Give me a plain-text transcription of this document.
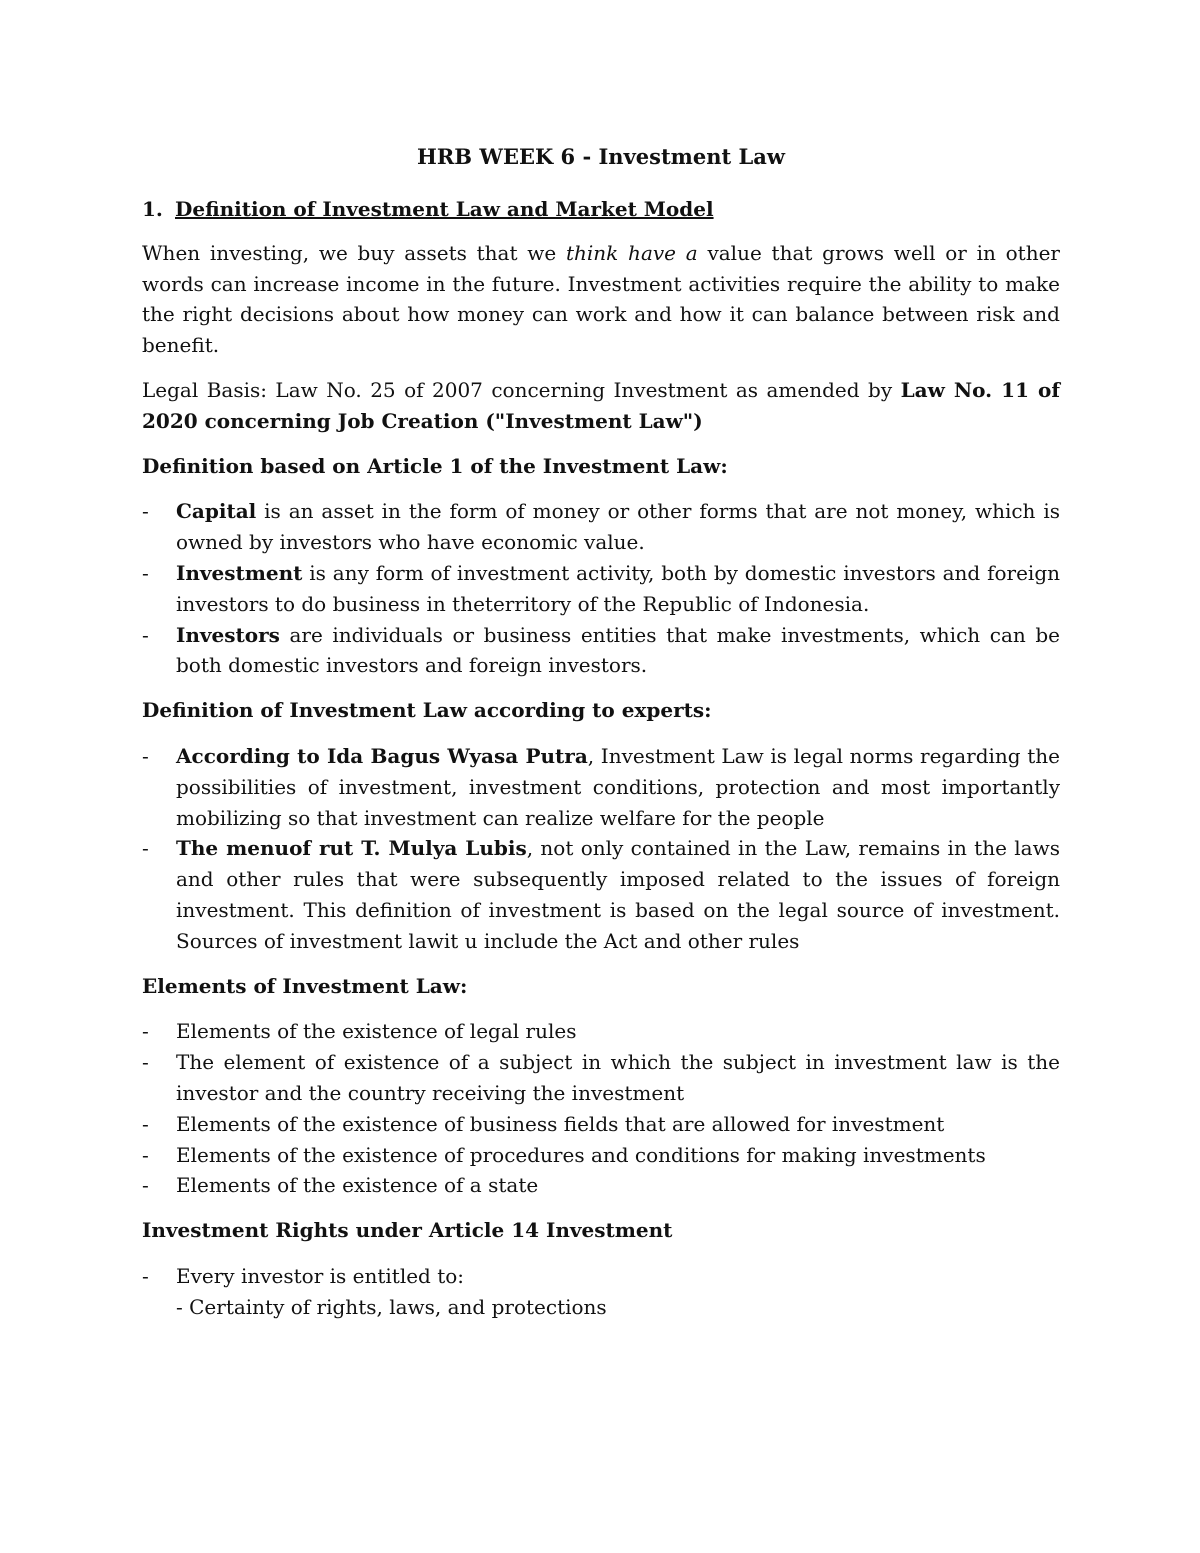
HRB WEEK 6 - Investment Law
1. Definition of Investment Law and Market Model

When investing, we buy assets that we think have a value that grows well or in other words can increase income in the future. Investment activities require the ability to make the right decisions about how money can work and how it can balance between risk and benefit.

Legal Basis: Law No. 25 of 2007 concerning Investment as amended by Law No. 11 of 2020 concerning Job Creation ("Investment Law")

Definition based on Article 1 of the Investment Law:
- Capital is an asset in the form of money or other forms that are not money, which is owned by investors who have economic value.
- Investment is any form of investment activity, both by domestic investors and foreign investors to do business in theterritory of the Republic of Indonesia.
- Investors are individuals or business entities that make investments, which can be both domestic investors and foreign investors.
Definition of Investment Law according to experts:
- According to Ida Bagus Wyasa Putra, Investment Law is legal norms regarding the possibilities of investment, investment conditions, protection and most importantly mobilizing so that investment can realize welfare for the people
- The menuof rut T. Mulya Lubis, not only contained in the Law, remains in the laws and other rules that were subsequently imposed related to the issues of foreign investment. This definition of investment is based on the legal source of investment. Sources of investment lawit u include the Act and other rules
Elements of Investment Law:
- Elements of the existence of legal rules
- The element of existence of a subject in which the subject in investment law is the investor and the country receiving the investment
- Elements of the existence of business fields that are allowed for investment
- Elements of the existence of procedures and conditions for making investments
- Elements of the existence of a state
Investment Rights under Article 14 Investment
- Every investor is entitled to:
- Certainty of rights, laws, and protections
